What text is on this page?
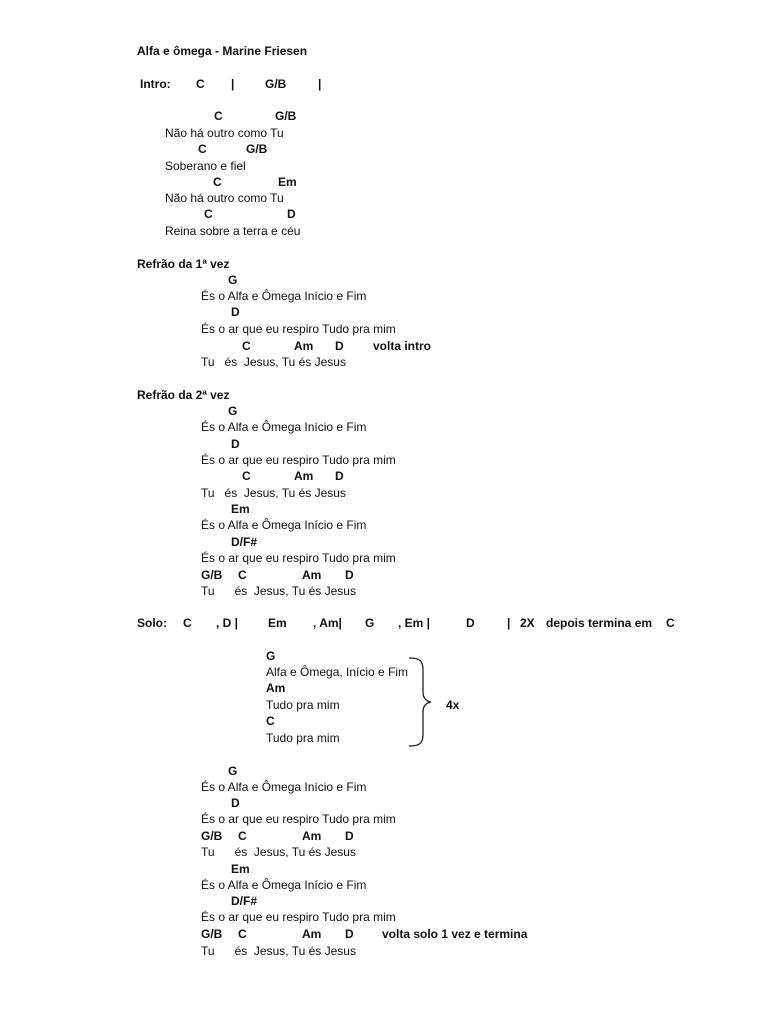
Alfa e ômega - Marine Friesen
Intro: C |	G/B	|
C	G/B
Não há outro como Tu
C	G/B
Soberano e fiel
C	Em
Não há outro como Tu
C	D
Reina sobre a terra e céu
Refrão da 1ª vez
G
És o Alfa e Ômega Início e Fim
D
És o ar que eu respiro Tudo pra mim
C	Am D volta intro
Tu   és  Jesus, Tu és Jesus
Refrão da 2ª vez
G
És o Alfa e Ômega Início e Fim
D
És o ar que eu respiro Tudo pra mim
C	Am D
Tu   és  Jesus, Tu és Jesus
Em
És o Alfa e Ômega Início e Fim
D/F#
És o ar que eu respiro Tudo pra mim
G/B C	Am D
Tu      és  Jesus, Tu és Jesus
Solo: C , D | Em , Am| G , Em |	D	| 2X depois termina em C
G
Alfa e Ômega, Início e Fim
Am
Tudo pra mim
C
Tudo pra mim
4x
G
És o Alfa e Ômega Início e Fim
D
És o ar que eu respiro Tudo pra mim
G/B C	Am D
Tu      és  Jesus, Tu és Jesus
Em
És o Alfa e Ômega Início e Fim
D/F#
És o ar que eu respiro Tudo pra mim
G/B C	Am D volta solo 1 vez e termina
Tu      és  Jesus, Tu és Jesus
